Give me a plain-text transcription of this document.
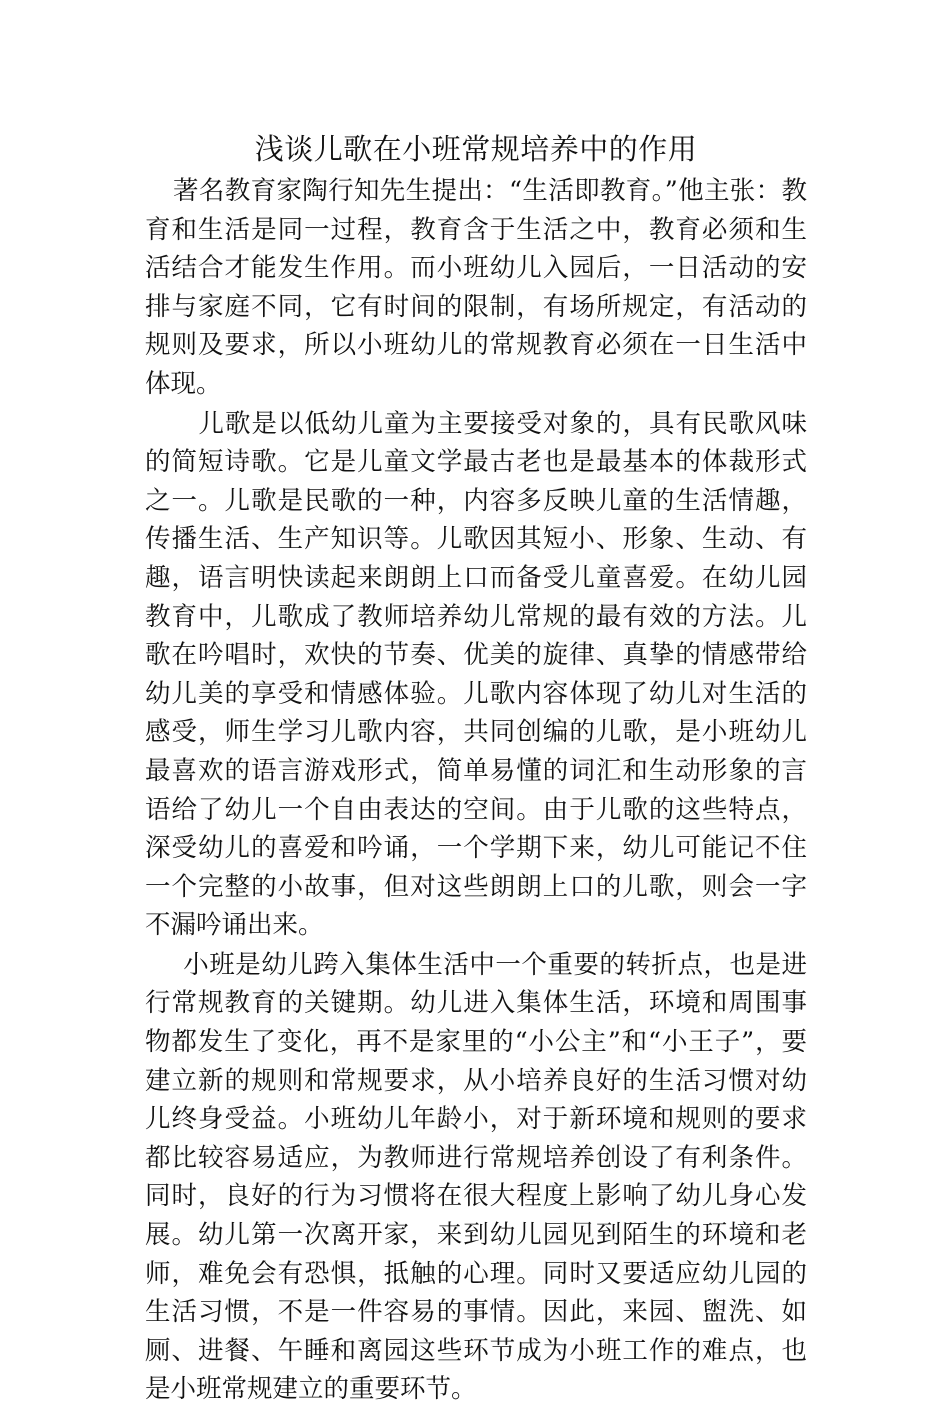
浅谈儿歌在小班常规培养中的作用

著名教育家陶行知先生提出：“生活即教育。”他主张：教育和生活是同一过程，教育含于生活之中，教育必须和生活结合才能发生作用。而小班幼儿入园后，一日活动的安排与家庭不同，它有时间的限制，有场所规定，有活动的规则及要求，所以小班幼儿的常规教育必须在一日生活中体现。

儿歌是以低幼儿童为主要接受对象的，具有民歌风味的简短诗歌。它是儿童文学最古老也是最基本的体裁形式之一。儿歌是民歌的一种，内容多反映儿童的生活情趣，传播生活、生产知识等。儿歌因其短小、形象、生动、有趣，语言明快读起来朗朗上口而备受儿童喜爱。在幼儿园教育中，儿歌成了教师培养幼儿常规的最有效的方法。儿歌在吟唱时，欢快的节奏、优美的旋律、真挚的情感带给幼儿美的享受和情感体验。儿歌内容体现了幼儿对生活的感受，师生学习儿歌内容，共同创编的儿歌，是小班幼儿最喜欢的语言游戏形式，简单易懂的词汇和生动形象的言语给了幼儿一个自由表达的空间。由于儿歌的这些特点，深受幼儿的喜爱和吟诵，一个学期下来，幼儿可能记不住一个完整的小故事，但对这些朗朗上口的儿歌，则会一字不漏吟诵出来。

小班是幼儿跨入集体生活中一个重要的转折点，也是进行常规教育的关键期。幼儿进入集体生活，环境和周围事物都发生了变化，再不是家里的“小公主”和“小王子”，要建立新的规则和常规要求，从小培养良好的生活习惯对幼儿终身受益。小班幼儿年龄小，对于新环境和规则的要求都比较容易适应，为教师进行常规培养创设了有利条件。同时，良好的行为习惯将在很大程度上影响了幼儿身心发展。幼儿第一次离开家，来到幼儿园见到陌生的环境和老师，难免会有恐惧，抵触的心理。同时又要适应幼儿园的生活习惯，不是一件容易的事情。因此，来园、盥洗、如厕、进餐、午睡和离园这些环节成为小班工作的难点，也是小班常规建立的重要环节。
